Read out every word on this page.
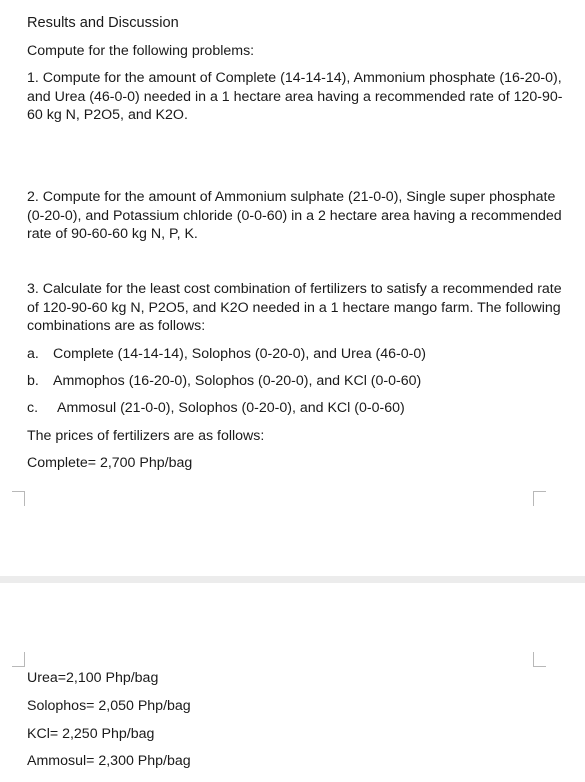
Results and Discussion
Compute for the following problems:
1. Compute for the amount of Complete (14-14-14), Ammonium phosphate (16-20-0), and Urea (46-0-0) needed in a 1 hectare area having a recommended rate of 120-90-60 kg N, P2O5, and K2O.
2. Compute for the amount of Ammonium sulphate (21-0-0), Single super phosphate (0-20-0), and Potassium chloride (0-0-60) in a 2 hectare area having a recommended rate of 90-60-60 kg N, P, K.
3. Calculate for the least cost combination of fertilizers to satisfy a recommended rate of 120-90-60 kg N, P2O5, and K2O needed in a 1 hectare mango farm. The following combinations are as follows:
a. Complete (14-14-14), Solophos (0-20-0), and Urea (46-0-0)
b. Ammophos (16-20-0), Solophos (0-20-0), and KCl (0-0-60)
c. Ammosul (21-0-0), Solophos (0-20-0), and KCl (0-0-60)
The prices of fertilizers are as follows:
Complete= 2,700 Php/bag
Urea=2,100 Php/bag
Solophos= 2,050 Php/bag
KCl= 2,250 Php/bag
Ammosul= 2,300 Php/bag
